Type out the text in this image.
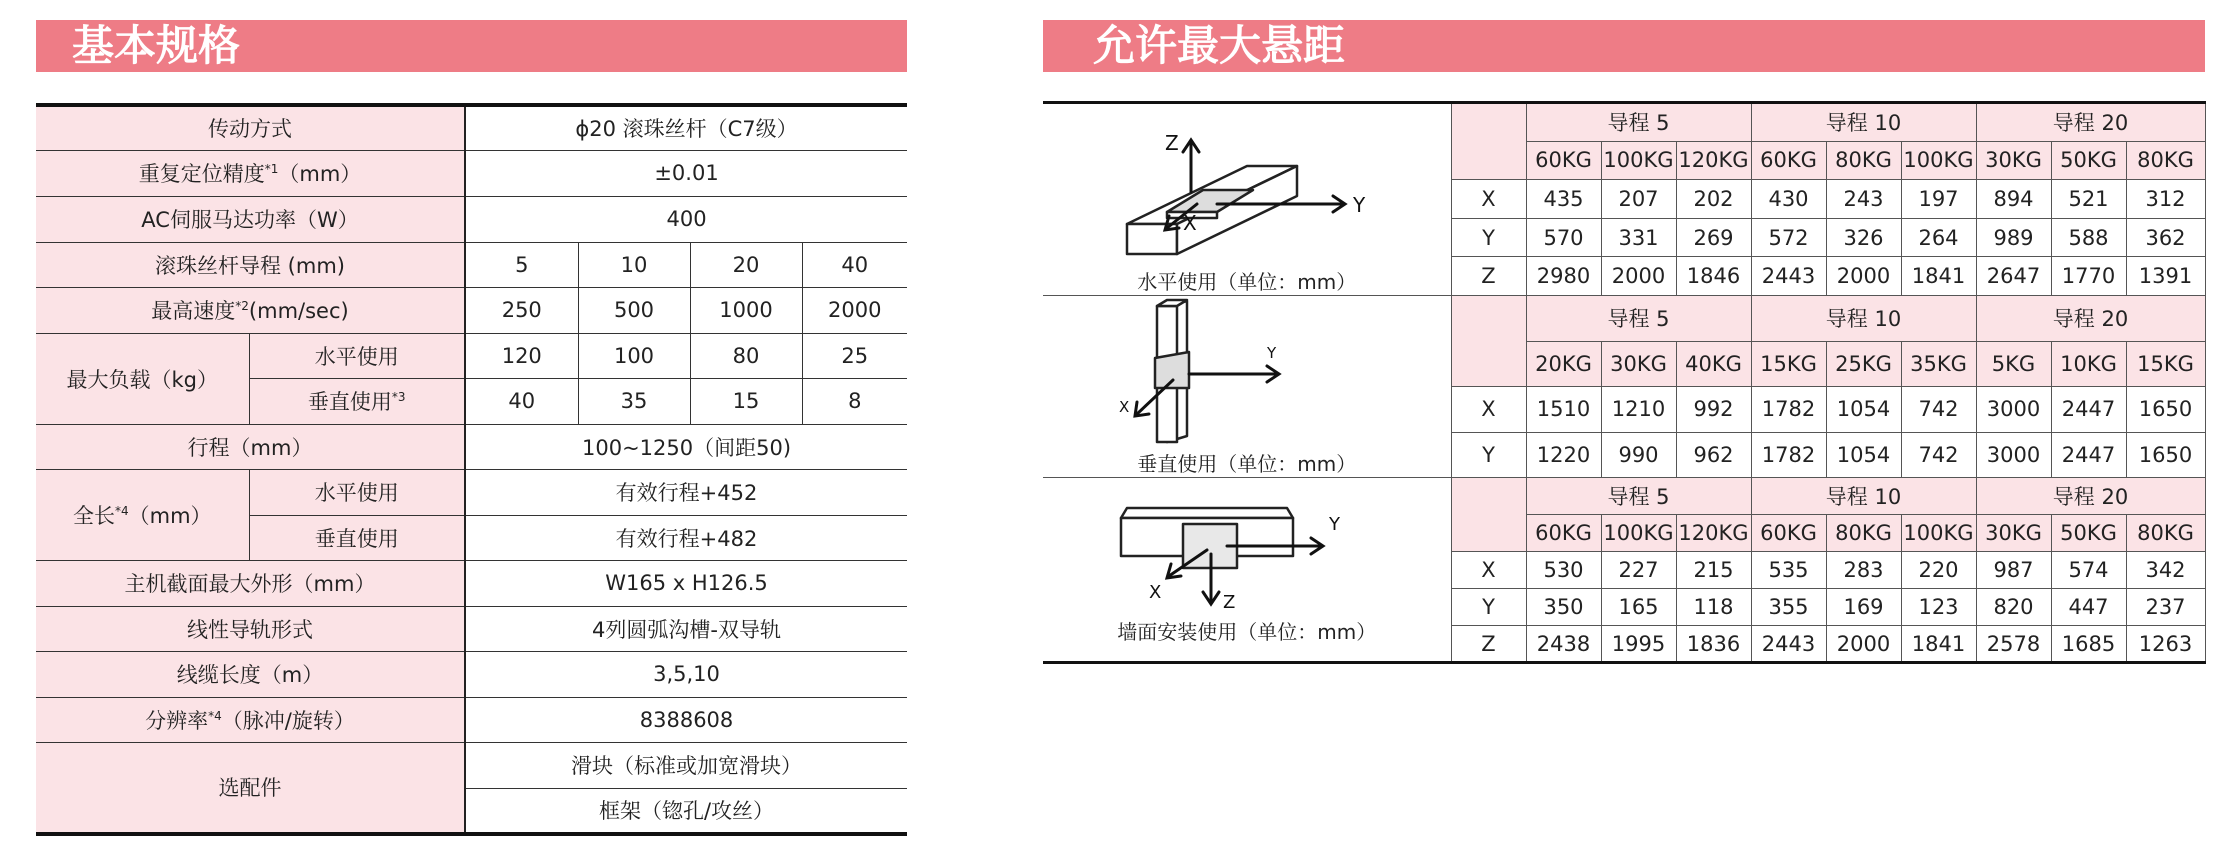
基本规格	允许最大悬距
传动方式		ϕ20 滚珠丝杆（C7级）			
重复定位精度$^{*1}$（mm）		±0.01			
AC伺服马达功率（W）		400			
滚珠丝杆导程 (mm)		5	10	20	40
最高速度$^{*2}$(mm/sec)		250	500	1000	2000
最大负载（kg）	水平使用	120	100	80	25
	垂直使用$^{*3}$	40	35	15	8
行程（mm）		100~1250（间距50)			
全长$^{*4}$（mm）	水平使用	有效行程+452			
	垂直使用	有效行程+482			
主机截面最大外形（mm）		W165 x H126.5			
线性导轨形式		4列圆弧沟槽-双导轨			
线缆长度（m）		3,5,10			
分辨率$^{*4}$（脉冲/旋转）		8388608			
选配件		滑块（标准或加宽滑块）			
		框架（锪孔/攻丝）			
Z
Y
X
水平使用（单位：mm）		导程 5			导程 10			导程 20		
		60KG	100KG	120KG	60KG	80KG	100KG	30KG	50KG	80KG
	X	435	207	202	430	243	197	894	521	312
	Y	570	331	269	572	326	264	989	588	362
	Z	2980	2000	1846	2443	2000	1841	2647	1770	1391

Y
X
垂直使用（单位：mm）		导程 5			导程 10			导程 20		
		20KG	30KG	40KG	15KG	25KG	35KG	5KG	10KG	15KG
	X	1510	1210	992	1782	1054	742	3000	2447	1650
	Y	1220	990	962	1782	1054	742	3000	2447	1650

Y
X Z
墙面安装使用（单位：mm）		导程 5			导程 10			导程 20		
		60KG	100KG	120KG	60KG	80KG	100KG	30KG	50KG	80KG
	X	530	227	215	535	283	220	987	574	342
	Y	350	165	118	355	169	123	820	447	237
	Z	2438	1995	1836	2443	2000	1841	2578	1685	1263
